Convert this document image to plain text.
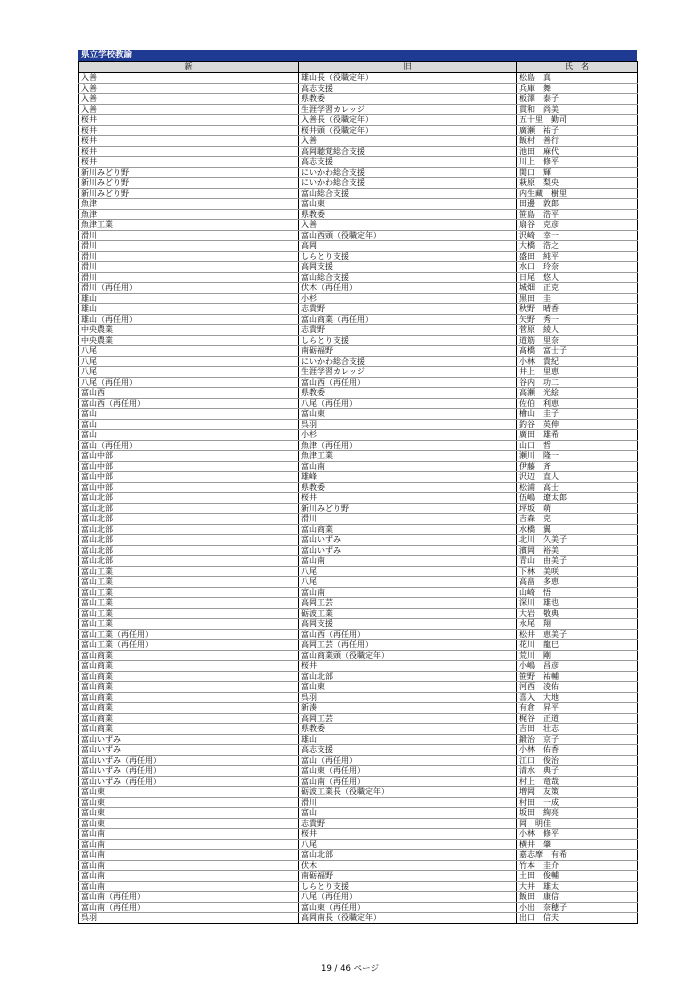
県立学校教諭
新	旧	氏　名
入善	雄山長（役職定年）	松島　真
入善	高志支援	兵庫　舞
入善	県教委	板澤　泰子
入善	生涯学習カレッジ	貫和　尚美
桜井	入善長（役職定年）	五十里　勤司
桜井	桜井頭（役職定年）	廣瀬　祐子
桜井	入善	飯村　善行
桜井	高岡聴覚総合支援	池田　麻代
桜井	高志支援	川上　修平
新川みどり野	にいかわ総合支援	関口　輝
新川みどり野	にいかわ総合支援	萩原　梨央
新川みどり野	富山総合支援	内生藏　樹里
魚津	富山東	田邊　敦郎
魚津	県教委	笹島　浩平
魚津工業	入善	扇谷　克彦
滑川	富山西頭（役職定年）	沢崎　幸一
滑川	高岡	大橋　浩之
滑川	しらとり支援	盛田　純平
滑川	高岡支援	水口　玲奈
滑川	富山総合支援	日尾　悠人
滑川（再任用）	伏木（再任用）	城畑　正克
雄山	小杉	黒田　圭
雄山	志貴野	秋野　晴香
雄山（再任用）	富山商業（再任用）	矢野　秀一
中央農業	志貴野	菅原　綾人
中央農業	しらとり支援	道筋　里奈
八尾	南砺福野	髙橋　富士子
八尾	にいかわ総合支援	小林　貴紀
八尾	生涯学習カレッジ	井上　里恵
八尾（再任用）	富山西（再任用）	谷内　功二
富山西	県教委	高瀬　光絵
富山西（再任用）	八尾（再任用）	佐伯　利恵
富山	富山東	檜山　圭子
富山	呉羽	釣谷　英伸
富山	小杉	廣田　雄希
富山（再任用）	魚津（再任用）	山口　哲
富山中部	魚津工業	瀬川　隆一
富山中部	富山南	伊藤　斉
富山中部	雄峰	沢辺　直人
富山中部	県教委	松浦　高士
富山北部	桜井	伍嶋　遼太郎
富山北部	新川みどり野	坪坂　萌
富山北部	滑川	吉森　克
富山北部	富山商業	水橋　翼
富山北部	富山いずみ	北川　久美子
富山北部	富山いずみ	濱岡　裕美
富山北部	富山南	青山　由美子
富山工業	八尾	下林　美咲
富山工業	八尾	高畠　多恵
富山工業	富山南	山崎　悟
富山工業	高岡工芸	深川　雄也
富山工業	砺波工業	大岩　敬典
富山工業	高岡支援	永尾　翔
富山工業（再任用）	富山西（再任用）	松井　恵美子
富山工業（再任用）	高岡工芸（再任用）	花川　龍巳
富山商業	富山商業頭（役職定年）	荒川　剛
富山商業	桜井	小嶋　昌彦
富山商業	富山北部	笹野　祐輔
富山商業	富山東	河西　凌佑
富山商業	呉羽	喜入　大地
富山商業	新湊	有倉　昇平
富山商業	高岡工芸	梶谷　正道
富山商業	県教委	吉田　壮志
富山いずみ	雄山	鍛治　京子
富山いずみ	高志支援	小林　佑香
富山いずみ（再任用）	富山（再任用）	江口　俊治
富山いずみ（再任用）	富山東（再任用）	清水　典子
富山いずみ（再任用）	富山南（再任用）	村上　竜哉
富山東	砺波工業長（役職定年）	増岡　友策
富山東	滑川	村田　一成
富山東	富山	坂田　絢亮
富山東	志貴野	岡　明佳
富山南	桜井	小林　修平
富山南	八尾	横井　肇
富山南	富山北部	嘉志摩　有希
富山南	伏木	竹本　圭介
富山南	南砺福野	土田　俊輔
富山南	しらとり支援	大井　雄太
富山南（再任用）	八尾（再任用）	飯田　康信
富山南（再任用）	富山東（再任用）	小出　奈穂子
呉羽	高岡南長（役職定年）	出口　信夫
19 / 46 ページ
